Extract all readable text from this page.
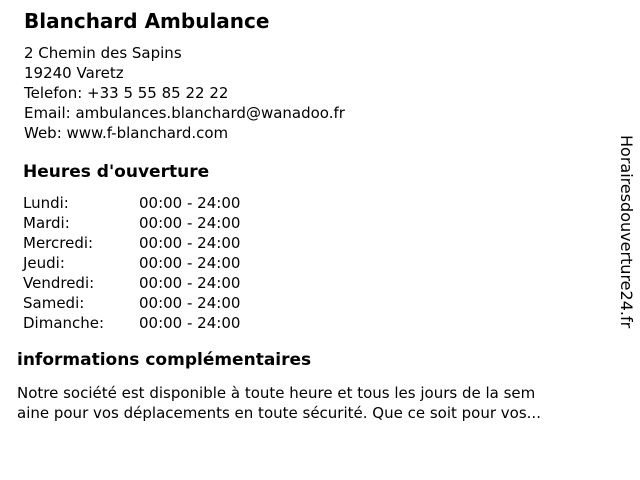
Blanchard Ambulance
2 Chemin des Sapins
19240 Varetz
Telefon: +33 5 55 85 22 22
Email: ambulances.blanchard@wanadoo.fr
Web: www.f-blanchard.com
Heures d'ouverture
Lundi:	00:00 - 24:00
Mardi:	00:00 - 24:00
Mercredi:	00:00 - 24:00
Jeudi:	00:00 - 24:00
Vendredi:	00:00 - 24:00
Samedi:	00:00 - 24:00
Dimanche:	00:00 - 24:00
informations complémentaires
Notre société est disponible à toute heure et tous les jours de la sem
aine pour vos déplacements en toute sécurité. Que ce soit pour vos...
Horairesdouverture24.fr
